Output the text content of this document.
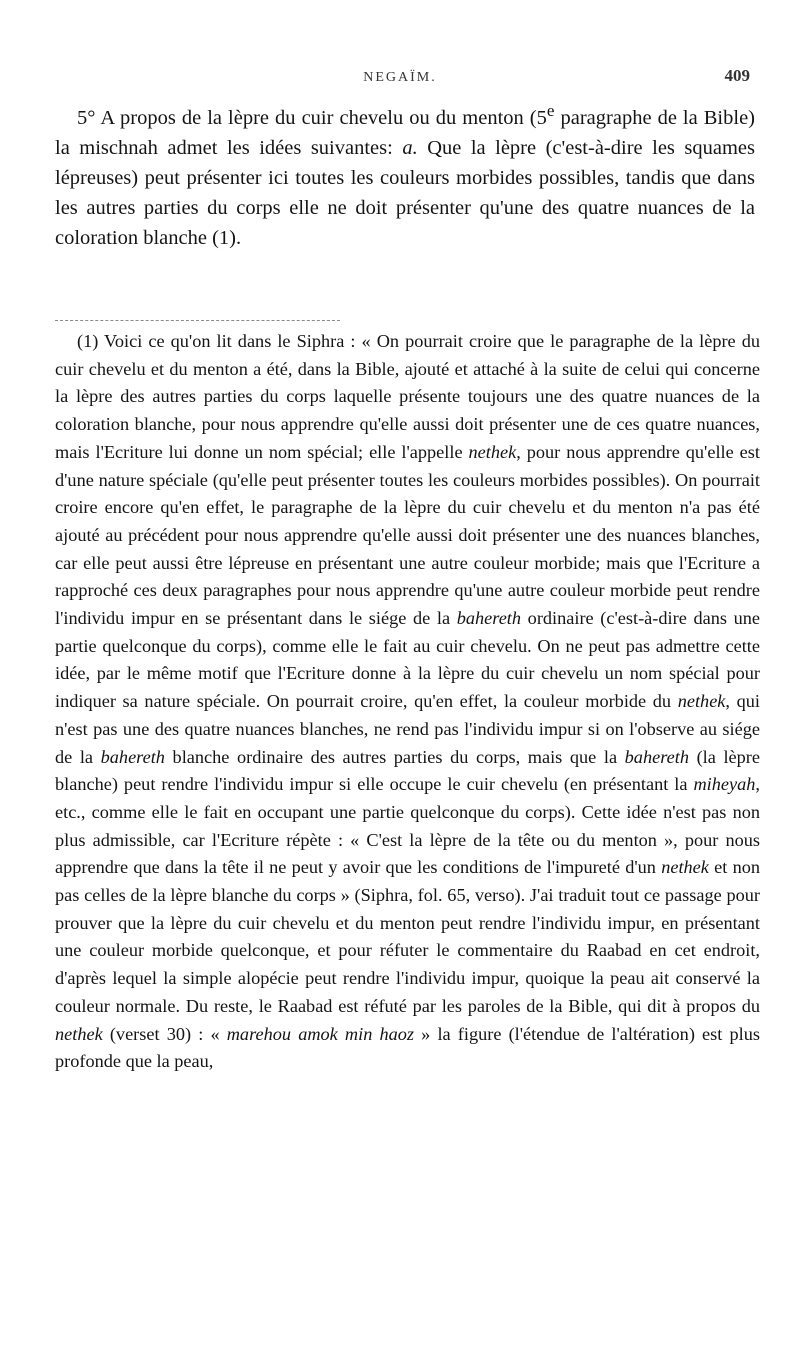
NEGAÏM.	409

5° A propos de la lèpre du cuir chevelu ou du menton (5e paragraphe de la Bible) la mischnah admet les idées suivantes: a. Que la lèpre (c'est-à-dire les squames lépreuses) peut présenter ici toutes les couleurs morbides possibles, tandis que dans les autres parties du corps elle ne doit présenter qu'une des quatre nuances de la coloration blanche (1).

(1) Voici ce qu'on lit dans le Siphra : « On pourrait croire que le paragraphe de la lèpre du cuir chevelu et du menton a été, dans la Bible, ajouté et attaché à la suite de celui qui concerne la lèpre des autres parties du corps laquelle présente toujours une des quatre nuances de la coloration blanche, pour nous apprendre qu'elle aussi doit présenter une de ces quatre nuances, mais l'Ecriture lui donne un nom spécial; elle l'appelle nethek, pour nous apprendre qu'elle est d'une nature spéciale (qu'elle peut présenter toutes les couleurs morbides possibles). On pourrait croire encore qu'en effet, le paragraphe de la lèpre du cuir chevelu et du menton n'a pas été ajouté au précédent pour nous apprendre qu'elle aussi doit présenter une des nuances blanches, car elle peut aussi être lépreuse en présentant une autre couleur morbide; mais que l'Ecriture a rapproché ces deux paragraphes pour nous apprendre qu'une autre couleur morbide peut rendre l'individu impur en se présentant dans le siége de la bahereth ordinaire (c'est-à-dire dans une partie quelconque du corps), comme elle le fait au cuir chevelu. On ne peut pas admettre cette idée, par le même motif que l'Ecriture donne à la lèpre du cuir chevelu un nom spécial pour indiquer sa nature spéciale. On pourrait croire, qu'en effet, la couleur morbide du nethek, qui n'est pas une des quatre nuances blanches, ne rend pas l'individu impur si on l'observe au siége de la bahereth blanche ordinaire des autres parties du corps, mais que la bahereth (la lèpre blanche) peut rendre l'individu impur si elle occupe le cuir chevelu (en présentant la miheyah, etc., comme elle le fait en occupant une partie quelconque du corps). Cette idée n'est pas non plus admissible, car l'Ecriture répète : « C'est la lèpre de la tête ou du menton », pour nous apprendre que dans la tête il ne peut y avoir que les conditions de l'impureté d'un nethek et non pas celles de la lèpre blanche du corps » (Siphra, fol. 65, verso). J'ai traduit tout ce passage pour prouver que la lèpre du cuir chevelu et du menton peut rendre l'individu impur, en présentant une couleur morbide quelconque, et pour réfuter le commentaire du Raabad en cet endroit, d'après lequel la simple alopécie peut rendre l'individu impur, quoique la peau ait conservé la couleur normale. Du reste, le Raabad est réfuté par les paroles de la Bible, qui dit à propos du nethek (verset 30) : « marehou amok min haoz » la figure (l'étendue de l'altération) est plus profonde que la peau,
